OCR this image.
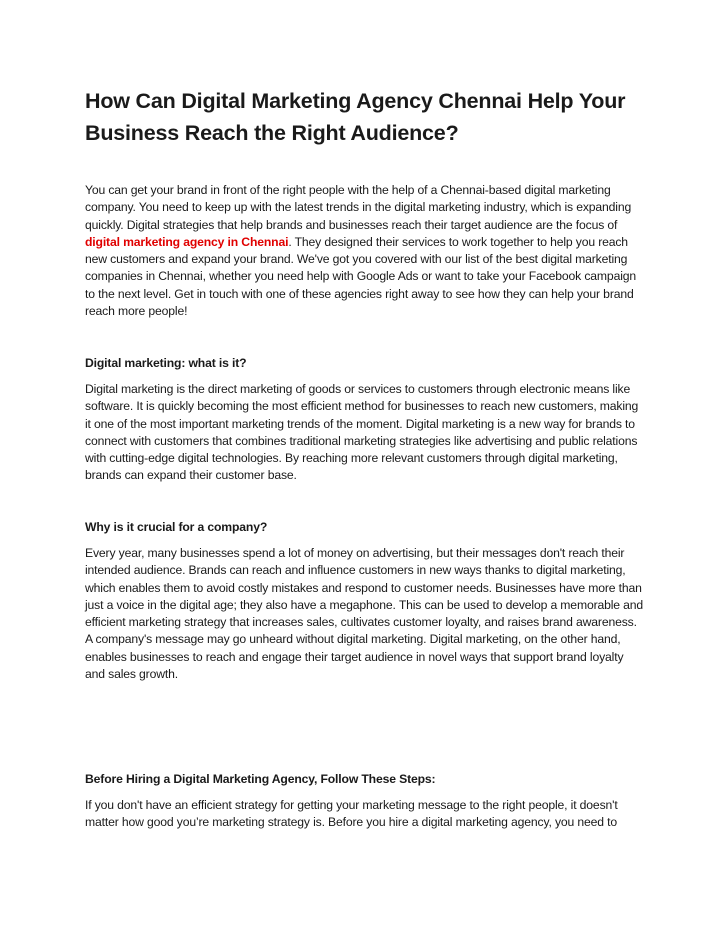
How Can Digital Marketing Agency Chennai Help Your
Business Reach the Right Audience?

You can get your brand in front of the right people with the help of a Chennai-based digital marketing company. You need to keep up with the latest trends in the digital marketing industry, which is expanding quickly. Digital strategies that help brands and businesses reach their target audience are the focus of digital marketing agency in Chennai. They designed their services to work together to help you reach new customers and expand your brand. We've got you covered with our list of the best digital marketing companies in Chennai, whether you need help with Google Ads or want to take your Facebook campaign to the next level. Get in touch with one of these agencies right away to see how they can help your brand reach more people!

Digital marketing: what is it?

Digital marketing is the direct marketing of goods or services to customers through electronic means like software. It is quickly becoming the most efficient method for businesses to reach new customers, making it one of the most important marketing trends of the moment. Digital marketing is a new way for brands to connect with customers that combines traditional marketing strategies like advertising and public relations with cutting-edge digital technologies. By reaching more relevant customers through digital marketing, brands can expand their customer base.

Why is it crucial for a company?

Every year, many businesses spend a lot of money on advertising, but their messages don't reach their intended audience. Brands can reach and influence customers in new ways thanks to digital marketing, which enables them to avoid costly mistakes and respond to customer needs. Businesses have more than just a voice in the digital age; they also have a megaphone. This can be used to develop a memorable and efficient marketing strategy that increases sales, cultivates customer loyalty, and raises brand awareness. A company's message may go unheard without digital marketing. Digital marketing, on the other hand, enables businesses to reach and engage their target audience in novel ways that support brand loyalty and sales growth.

Before Hiring a Digital Marketing Agency, Follow These Steps:

If you don't have an efficient strategy for getting your marketing message to the right people, it doesn't matter how good you’re marketing strategy is. Before you hire a digital marketing agency, you need to
